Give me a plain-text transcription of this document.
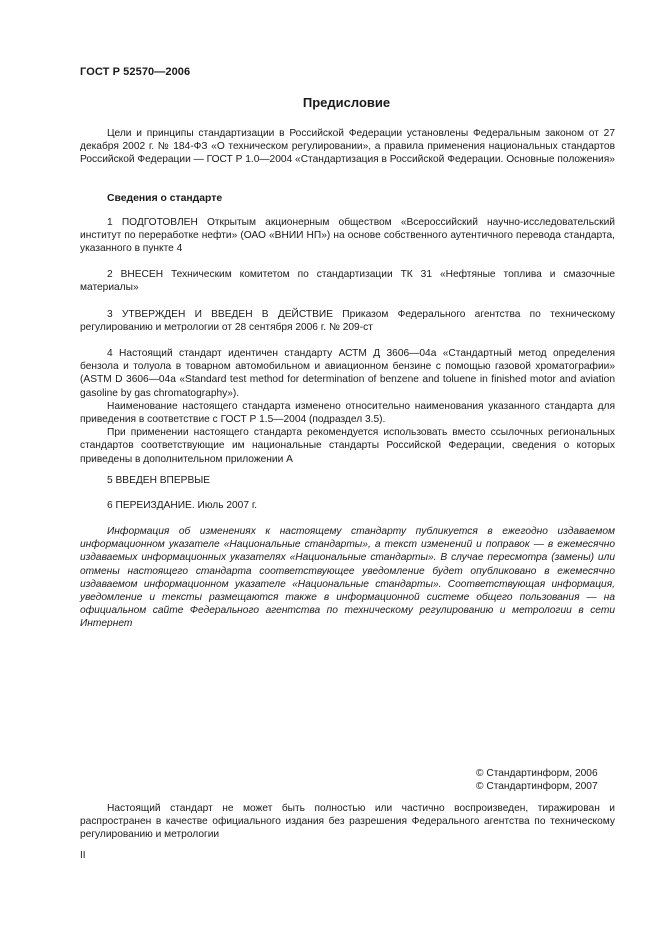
ГОСТ Р 52570—2006
Предисловие

Цели и принципы стандартизации в Российской Федерации установлены Федеральным законом от 27 декабря 2002 г. № 184-ФЗ «О техническом регулировании», а правила применения национальных стандартов Российской Федерации — ГОСТ Р 1.0—2004 «Стандартизация в Российской Федерации. Основные положения»

Сведения о стандарте

1 ПОДГОТОВЛЕН Открытым акционерным обществом «Всероссийский научно-исследовательский институт по переработке нефти» (ОАО «ВНИИ НП») на основе собственного аутентичного перевода стандарта, указанного в пункте 4

2 ВНЕСЕН Техническим комитетом по стандартизации ТК 31 «Нефтяные топлива и смазочные материалы»

3 УТВЕРЖДЕН И ВВЕДЕН В ДЕЙСТВИЕ Приказом Федерального агентства по техническому регулированию и метрологии от 28 сентября 2006 г. № 209-ст

4 Настоящий стандарт идентичен стандарту АСТМ Д 3606—04а «Стандартный метод определения бензола и толуола в товарном автомобильном и авиационном бензине с помощью газовой хроматографии» (ASTM D 3606—04a «Standard test method for determination of benzene and toluene in finished motor and aviation gasoline by gas chromatography»).

Наименование настоящего стандарта изменено относительно наименования указанного стандарта для приведения в соответствие с ГОСТ Р 1.5—2004 (подраздел 3.5).

При применении настоящего стандарта рекомендуется использовать вместо ссылочных региональных стандартов соответствующие им национальные стандарты Российской Федерации, сведения о которых приведены в дополнительном приложении А

5 ВВЕДЕН ВПЕРВЫЕ

6 ПЕРЕИЗДАНИЕ. Июль 2007 г.

Информация об изменениях к настоящему стандарту публикуется в ежегодно издаваемом информационном указателе «Национальные стандарты», а текст изменений и поправок — в ежемесячно издаваемых информационных указателях «Национальные стандарты». В случае пересмотра (замены) или отмены настоящего стандарта соответствующее уведомление будет опубликовано в ежемесячно издаваемом информационном указателе «Национальные стандарты». Соответствующая информация, уведомление и тексты размещаются также в информационной системе общего пользования — на официальном сайте Федерального агентства по техническому регулированию и метрологии в сети Интернет

© Стандартинформ, 2006
© Стандартинформ, 2007

Настоящий стандарт не может быть полностью или частично воспроизведен, тиражирован и распространен в качестве официального издания без разрешения Федерального агентства по техническому регулированию и метрологии

II
